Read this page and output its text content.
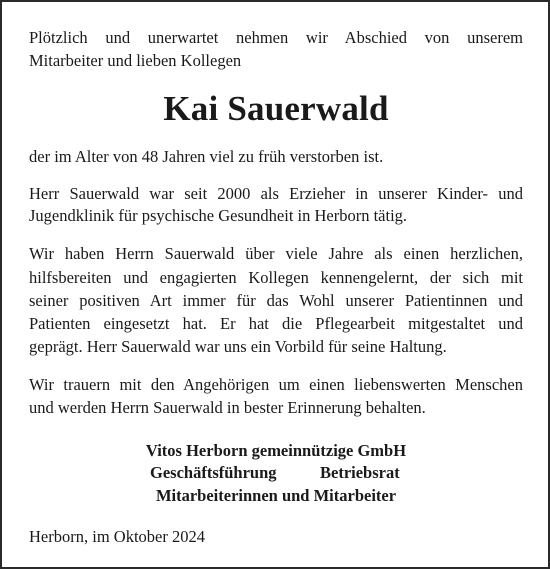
Plötzlich und unerwartet nehmen wir Abschied von unserem
Mitarbeiter und lieben Kollegen
Kai Sauerwald
der im Alter von 48 Jahren viel zu früh verstorben ist.
Herr Sauerwald war seit 2000 als Erzieher in unserer Kinder- und
Jugendklinik für psychische Gesundheit in Herborn tätig.
Wir haben Herrn Sauerwald über viele Jahre als einen herzlichen,
hilfsbereiten und engagierten Kollegen kennengelernt, der sich mit
seiner positiven Art immer für das Wohl unserer Patientinnen und
Patienten eingesetzt hat. Er hat die Pflegearbeit mitgestaltet und
geprägt. Herr Sauerwald war uns ein Vorbild für seine Haltung.
Wir trauern mit den Angehörigen um einen liebenswerten Menschen
und werden Herrn Sauerwald in bester Erinnerung behalten.
Vitos Herborn gemeinnützige GmbH
Geschäftsführung	Betriebsrat
Mitarbeiterinnen und Mitarbeiter
Herborn, im Oktober 2024
